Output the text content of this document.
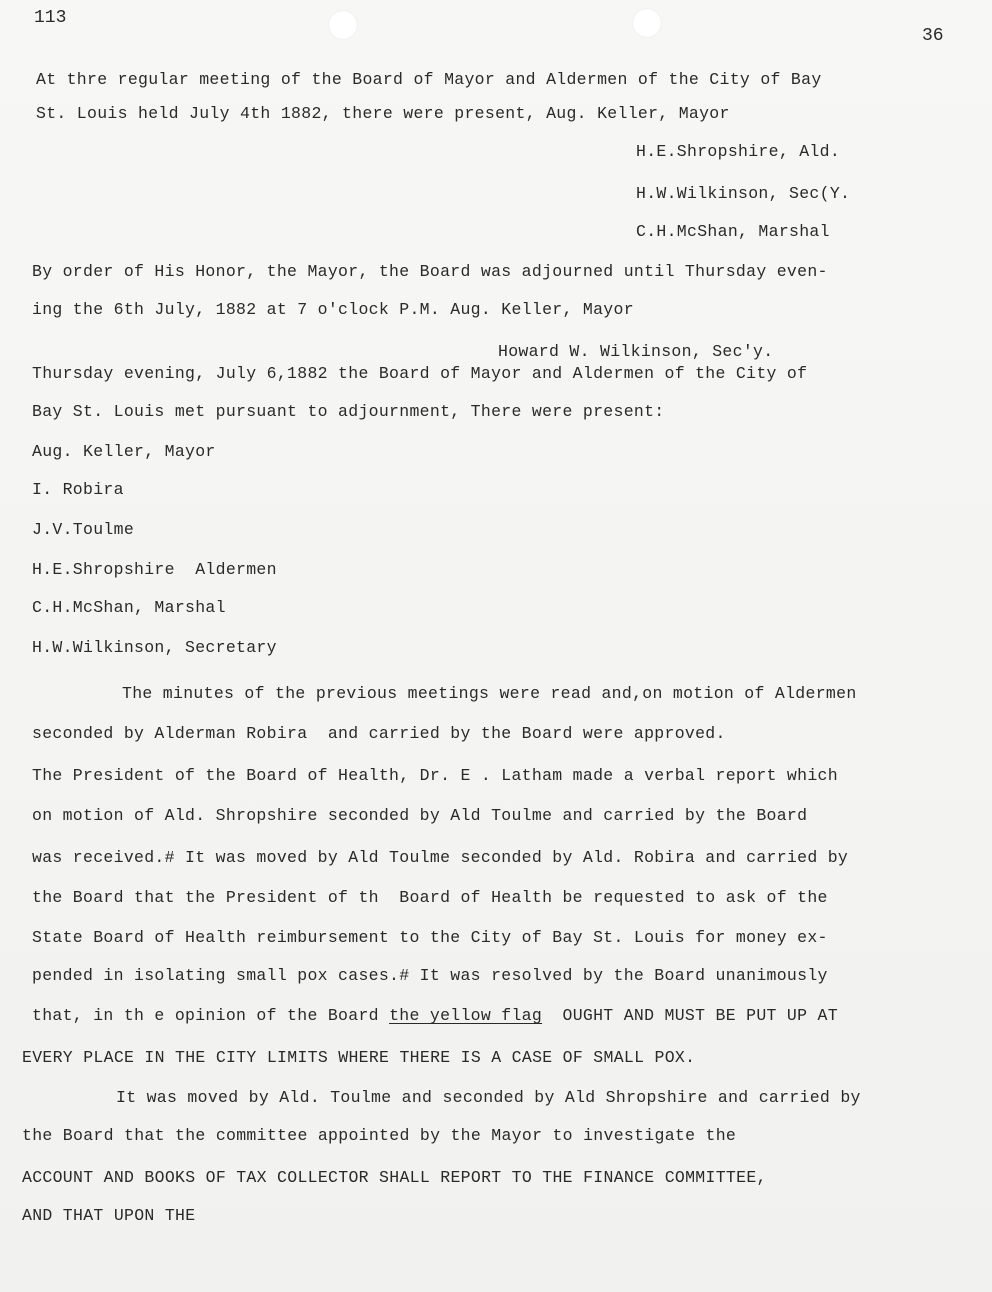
113
36
At thre regular meeting of the Board of Mayor and Aldermen of the City of Bay
St. Louis held July 4th 1882, there were present, Aug. Keller, Mayor
H.E.Shropshire, Ald.
H.W.Wilkinson, Sec(Y.
C.H.McShan, Marshal
By order of His Honor, the Mayor, the Board was adjourned until Thursday even-
ing the 6th July, 1882 at 7 o'clock P.M. Aug. Keller, Mayor
Howard W. Wilkinson, Sec'y.
Thursday evening, July 6,1882 the Board of Mayor and Aldermen of the City of
Bay St. Louis met pursuant to adjournment, There were present:
Aug. Keller, Mayor
I. Robira
J.V.Toulme
H.E.Shropshire  Aldermen
C.H.McShan, Marshal
H.W.Wilkinson, Secretary
The minutes of the previous meetings were read and,on motion of Aldermen
seconded by Alderman Robira  and carried by the Board were approved.
The President of the Board of Health, Dr. E . Latham made a verbal report which
on motion of Ald. Shropshire seconded by Ald Toulme and carried by the Board
was received.# It was moved by Ald Toulme seconded by Ald. Robira and carried by
the Board that the President of th  Board of Health be requested to ask of the
State Board of Health reimbursement to the City of Bay St. Louis for money ex-
pended in isolating small pox cases.# It was resolved by the Board unanimously
that, in th e opinion of the Board the yellow flag  OUGHT AND MUST BE PUT UP AT
EVERY PLACE IN THE CITY LIMITS WHERE THERE IS A CASE OF SMALL POX.
It was moved by Ald. Toulme and seconded by Ald Shropshire and carried by
the Board that the committee appointed by the Mayor to investigate the
ACCOUNT AND BOOKS OF TAX COLLECTOR SHALL REPORT TO THE FINANCE COMMITTEE,
AND THAT UPON THE
